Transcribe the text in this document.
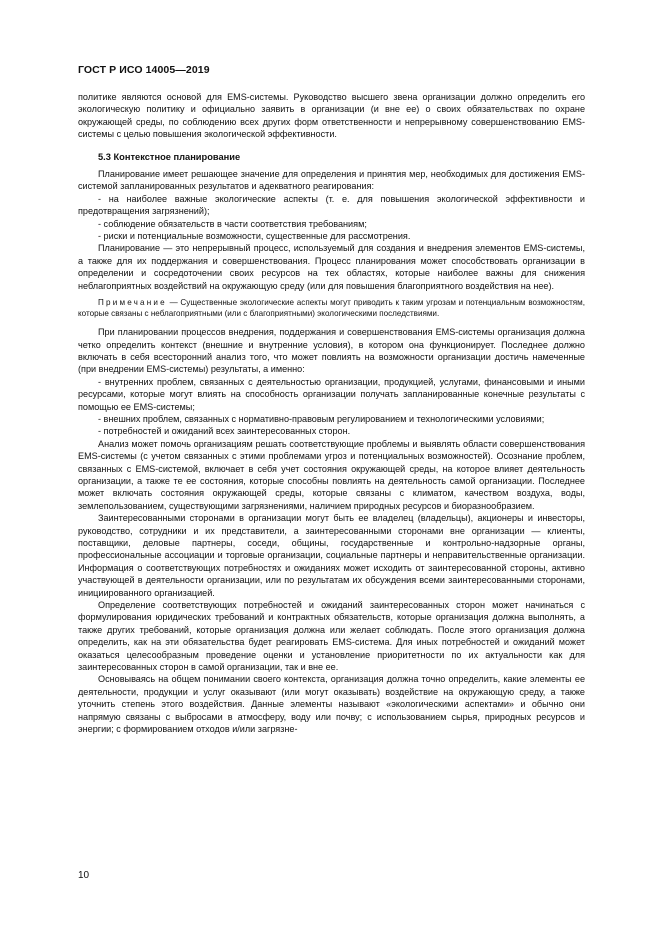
ГОСТ Р ИСО 14005—2019

политике являются основой для EMS-системы. Руководство высшего звена организации должно определить его экологическую политику и официально заявить в организации (и вне ее) о своих обязательствах по охране окружающей среды, по соблюдению всех других форм ответственности и непрерывному совершенствованию EMS-системы с целью повышения экологической эффективности.

5.3 Контекстное планирование

Планирование имеет решающее значение для определения и принятия мер, необходимых для достижения EMS-системой запланированных результатов и адекватного реагирования:

- на наиболее важные экологические аспекты (т. е. для повышения экологической эффективности и предотвращения загрязнений);

- соблюдение обязательств в части соответствия требованиям;

- риски и потенциальные возможности, существенные для рассмотрения.

Планирование — это непрерывный процесс, используемый для создания и внедрения элементов EMS-системы, а также для их поддержания и совершенствования. Процесс планирования может способствовать организации в определении и сосредоточении своих ресурсов на тех областях, которые наиболее важны для снижения неблагоприятных воздействий на окружающую среду (или для повышения благоприятного воздействия на нее).

Примечание — Существенные экологические аспекты могут приводить к таким угрозам и потенциальным возможностям, которые связаны с неблагоприятными (или с благоприятными) экологическими последствиями.

При планировании процессов внедрения, поддержания и совершенствования EMS-системы организация должна четко определить контекст (внешние и внутренние условия), в котором она функционирует. Последнее должно включать в себя всесторонний анализ того, что может повлиять на возможности организации достичь намеченные (при внедрении EMS-системы) результаты, а именно:

- внутренних проблем, связанных с деятельностью организации, продукцией, услугами, финансовыми и иными ресурсами, которые могут влиять на способность организации получать запланированные конечные результаты с помощью ее EMS-системы;

- внешних проблем, связанных с нормативно-правовым регулированием и технологическими условиями;

- потребностей и ожиданий всех заинтересованных сторон.

Анализ может помочь организациям решать соответствующие проблемы и выявлять области совершенствования EMS-системы (с учетом связанных с этими проблемами угроз и потенциальных возможностей). Осознание проблем, связанных с EMS-системой, включает в себя учет состояния окружающей среды, на которое влияет деятельность организации, а также те ее состояния, которые способны повлиять на деятельность самой организации. Последнее может включать состояния окружающей среды, которые связаны с климатом, качеством воздуха, воды, землепользованием, существующими загрязнениями, наличием природных ресурсов и биоразнообразием.

Заинтересованными сторонами в организации могут быть ее владелец (владельцы), акционеры и инвесторы, руководство, сотрудники и их представители, а заинтересованными сторонами вне организации — клиенты, поставщики, деловые партнеры, соседи, общины, государственные и контрольно-надзорные органы, профессиональные ассоциации и торговые организации, социальные партнеры и неправительственные организации. Информация о соответствующих потребностях и ожиданиях может исходить от заинтересованной стороны, активно участвующей в деятельности организации, или по результатам их обсуждения всеми заинтересованными сторонами, инициированного организацией.

Определение соответствующих потребностей и ожиданий заинтересованных сторон может начинаться с формулирования юридических требований и контрактных обязательств, которые организация должна выполнять, а также других требований, которые организация должна или желает соблюдать. После этого организация должна определить, как на эти обязательства будет реагировать EMS-система. Для иных потребностей и ожиданий может оказаться целесообразным проведение оценки и установление приоритетности по их актуальности как для заинтересованных сторон в самой организации, так и вне ее.

Основываясь на общем понимании своего контекста, организация должна точно определить, какие элементы ее деятельности, продукции и услуг оказывают (или могут оказывать) воздействие на окружающую среду, а также уточнить степень этого воздействия. Данные элементы называют «экологическими аспектами» и обычно они напрямую связаны с выбросами в атмосферу, воду или почву; с использованием сырья, природных ресурсов и энергии; с формированием отходов и/или загрязне-

10
